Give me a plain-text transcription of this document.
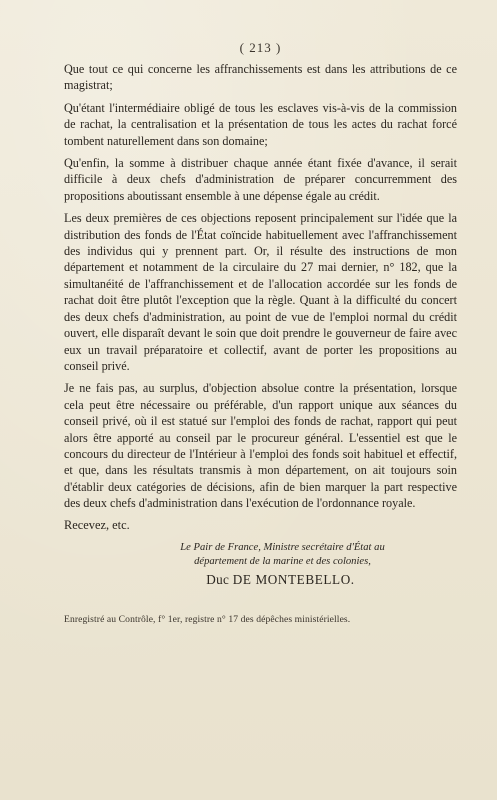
( 213 )

Que tout ce qui concerne les affranchissements est dans les attributions de ce magistrat;

Qu'étant l'intermédiaire obligé de tous les esclaves vis-à-vis de la commission de rachat, la centralisation et la présentation de tous les actes du rachat forcé tombent naturellement dans son domaine;

Qu'enfin, la somme à distribuer chaque année étant fixée d'avance, il serait difficile à deux chefs d'administration de préparer concurremment des propositions aboutissant ensemble à une dépense égale au crédit.

Les deux premières de ces objections reposent principalement sur l'idée que la distribution des fonds de l'État coïncide habituellement avec l'affranchissement des individus qui y prennent part. Or, il résulte des instructions de mon département et notamment de la circulaire du 27 mai dernier, n° 182, que la simultanéité de l'affranchissement et de l'allocation accordée sur les fonds de rachat doit être plutôt l'exception que la règle. Quant à la difficulté du concert des deux chefs d'administration, au point de vue de l'emploi normal du crédit ouvert, elle disparaît devant le soin que doit prendre le gouverneur de faire avec eux un travail préparatoire et collectif, avant de porter les propositions au conseil privé.

Je ne fais pas, au surplus, d'objection absolue contre la présentation, lorsque cela peut être nécessaire ou préférable, d'un rapport unique aux séances du conseil privé, où il est statué sur l'emploi des fonds de rachat, rapport qui peut alors être apporté au conseil par le procureur général. L'essentiel est que le concours du directeur de l'Intérieur à l'emploi des fonds soit habituel et effectif, et que, dans les résultats transmis à mon département, on ait toujours soin d'établir deux catégories de décisions, afin de bien marquer la part respective des deux chefs d'administration dans l'exécution de l'ordonnance royale.

Recevez, etc.
Le Pair de France, Ministre secrétaire d'État au
département de la marine et des colonies,
Duc DE MONTEBELLO.
Enregistré au Contrôle, f° 1er, registre n° 17 des dépêches ministérielles.
